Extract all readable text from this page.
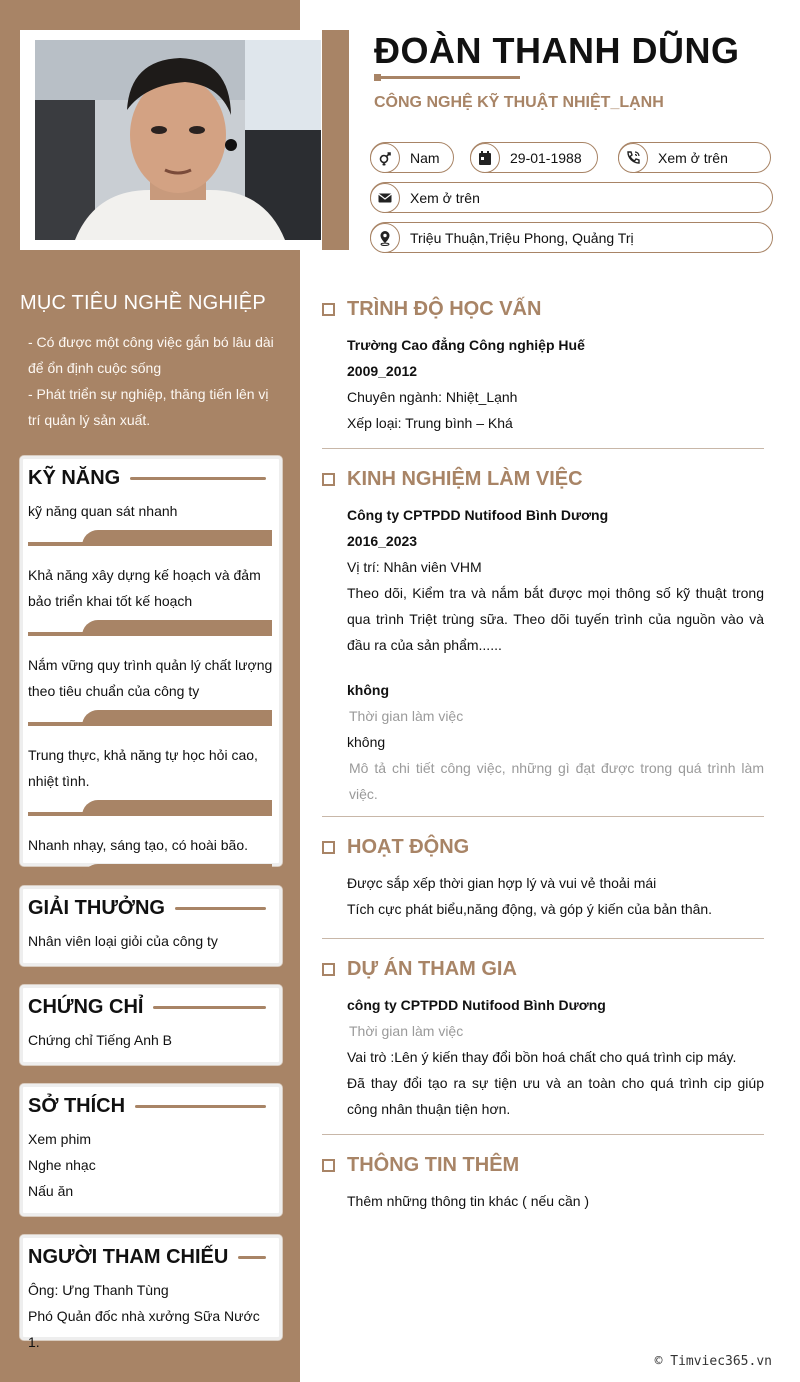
MỤC TIÊU NGHỀ NGHIỆP

- Có được một công việc gắn bó lâu dài để ổn định cuộc sống

- Phát triển sự nghiệp, thăng tiến lên vị trí quản lý sản xuất.

KỸ NĂNG

kỹ năng quan sát nhanh

Khả năng xây dựng kế hoạch và đảm bảo triển khai tốt kế hoạch

Nắm vững quy trình quản lý chất lượng theo tiêu chuẩn của công ty

Trung thực, khả năng tự học hỏi cao, nhiệt tình.

Nhanh nhạy, sáng tạo, có hoài bão.

GIẢI THƯỞNG

Nhân viên loại giỏi của công ty

CHỨNG CHỈ

Chứng chỉ Tiếng Anh B

SỞ THÍCH

Xem phim

Nghe nhạc

Nấu ăn

NGƯỜI THAM CHIẾU

Ông: Ưng Thanh Tùng

Phó Quản đốc nhà xưởng Sữa Nước 1.

ĐOÀN THANH DŨNG
CÔNG NGHỆ KỸ THUẬT NHIỆT_LẠNH
Nam	29-01-1988	Xem ở trên
Xem ở trên
Triệu Thuận,Triệu Phong, Quảng Trị
TRÌNH ĐỘ HỌC VẤN
Trường Cao đẳng Công nghiệp Huế
2009_2012
Chuyên ngành: Nhiệt_Lạnh
Xếp loại: Trung bình – Khá
KINH NGHIỆM LÀM VIỆC
Công ty CPTPDD Nutifood Bình Dương
2016_2023
Vị trí: Nhân viên VHM
Theo dõi, Kiểm tra và nắm bắt được mọi thông số kỹ thuật trong qua trình Triệt trùng sữa. Theo dõi tuyến trình của nguồn vào và đầu ra của sản phẩm......
không
Thời gian làm việc
không
Mô tả chi tiết công việc, những gì đạt được trong quá trình làm việc.
HOẠT ĐỘNG
Được sắp xếp thời gian hợp lý và vui vẻ thoải mái
Tích cực phát biểu,năng động, và góp ý kiến của bản thân.
DỰ ÁN THAM GIA
công ty CPTPDD Nutifood Bình Dương
Thời gian làm việc
Vai trò :Lên ý kiến thay đổi bồn hoá chất cho quá trình cip máy.
Đã thay đổi tạo ra sự tiện ưu và an toàn cho quá trình cip giúp công nhân thuận tiện hơn.
THÔNG TIN THÊM
Thêm những thông tin khác ( nếu cần )
© Timviec365.vn
